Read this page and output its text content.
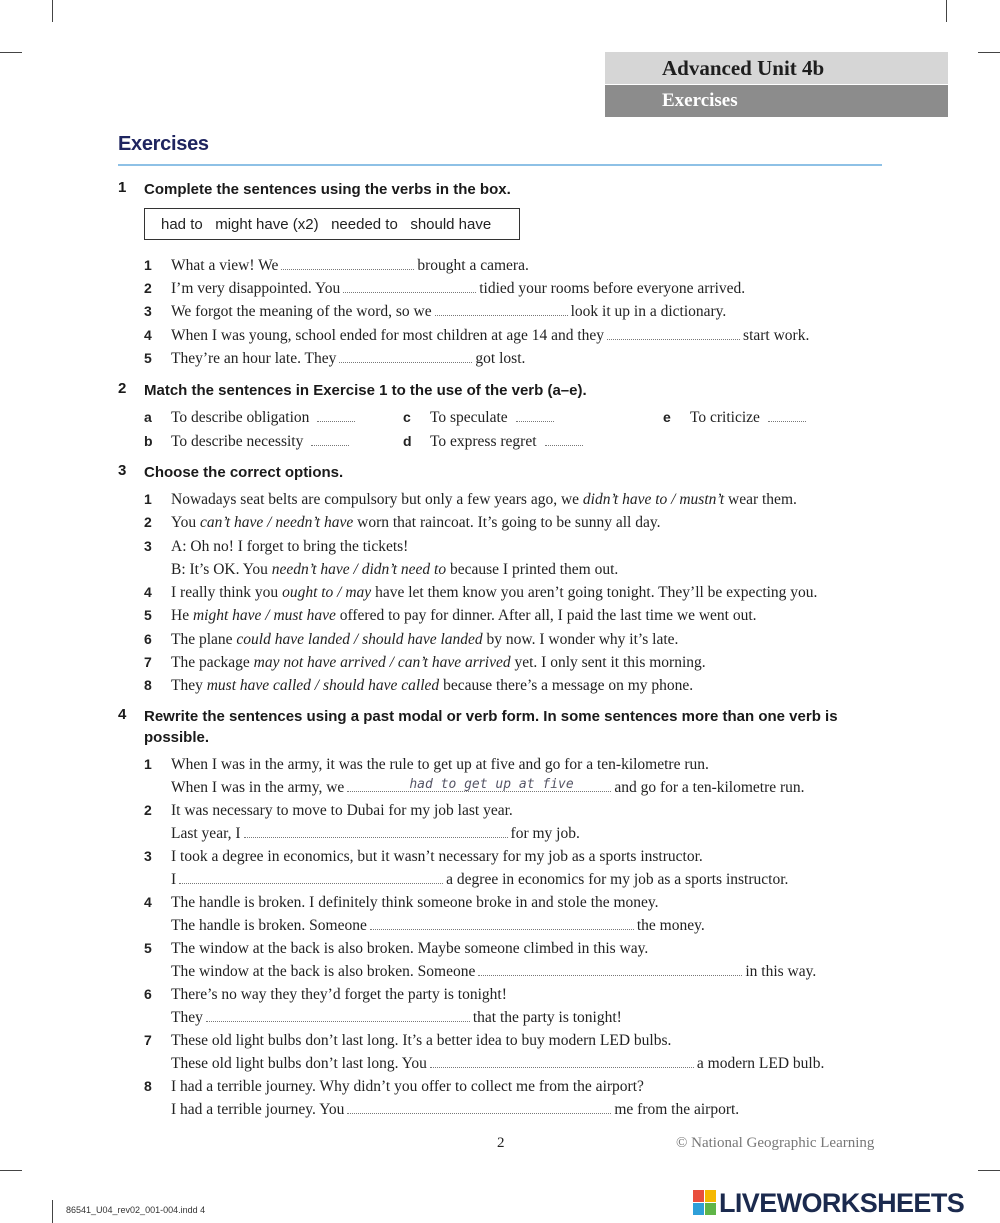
Advanced Unit 4b
Exercises
Exercises
1 Complete the sentences using the verbs in the box.
had to   might have (x2)   needed to   should have
1 What a view! We	brought a camera.
2 I’m very disappointed. You	tidied your rooms before everyone arrived.
3 We forgot the meaning of the word, so we	look it up in a dictionary.
4 When I was young, school ended for most children at age 14 and they	start work.
5 They’re an hour late. They	got lost.
2 Match the sentences in Exercise 1 to the use of the verb (a–e).
a To describe obligation
b To describe necessity
c To speculate
d To express regret
e To criticize
3 Choose the correct options.
1 Nowadays seat belts are compulsory but only a few years ago, we didn’t have to / mustn’t wear them.
2 You can’t have / needn’t have worn that raincoat. It’s going to be sunny all day.
3 A: Oh no! I forget to bring the tickets!
B: It’s OK. You needn’t have / didn’t need to because I printed them out.
4 I really think you ought to / may have let them know you aren’t going tonight. They’ll be expecting you.
5 He might have / must have offered to pay for dinner. After all, I paid the last time we went out.
6 The plane could have landed / should have landed by now. I wonder why it’s late.
7 The package may not have arrived / can’t have arrived yet. I only sent it this morning.
8 They must have called / should have called because there’s a message on my phone.
4 Rewrite the sentences using a past modal or verb form. In some sentences more than one verb is possible.
1 When I was in the army, it was the rule to get up at five and go for a ten-kilometre run.
When I was in the army, we	had to get up at five	and go for a ten-kilometre run.
2 It was necessary to move to Dubai for my job last year.
Last year, I	for my job.
3 I took a degree in economics, but it wasn’t necessary for my job as a sports instructor.
I	a degree in economics for my job as a sports instructor.
4 The handle is broken. I definitely think someone broke in and stole the money.
The handle is broken. Someone	the money.
5 The window at the back is also broken. Maybe someone climbed in this way.
The window at the back is also broken. Someone	in this way.
6 There’s no way they they’d forget the party is tonight!
They	that the party is tonight!
7 These old light bulbs don’t last long. It’s a better idea to buy modern LED bulbs.
These old light bulbs don’t last long. You	a modern LED bulb.
8 I had a terrible journey. Why didn’t you offer to collect me from the airport?
I had a terrible journey. You	me from the airport.
2	© National Geographic Learning
86541_U04_rev02_001-004.indd 4	LIVEWORKSHEETS
